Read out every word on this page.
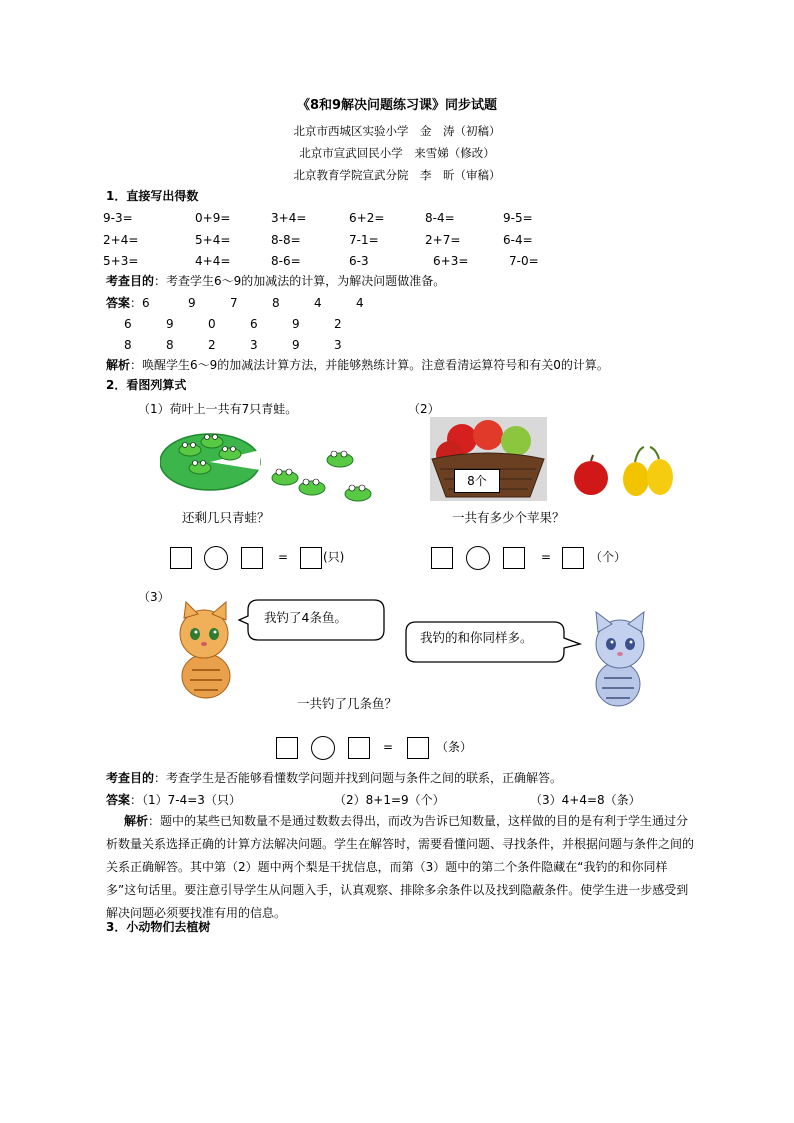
《8和9解决问题练习课》同步试题
北京市西城区实验小学　金　涛（初稿）
北京市宣武回民小学　来雪娣（修改）
北京教育学院宣武分院　李　昕（审稿）
1．直接写出得数
9-3=	0+9=	3+4=	6+2=	8-4=	9-5=
2+4=	5+4=	8-8=	7-1=	2+7=	6-4=
5+3=	4+4=	8-6=	6-3	6+3=	7-0=
考查目的：考查学生6～9的加减法的计算，为解决问题做准备。
答案：6	9	7	8	4	4
6	9	0	6	9	2
8	8	2	3	9	3
解析：唤醒学生6～9的加减法计算方法，并能够熟练计算。注意看清运算符号和有关0的计算。
2．看图列算式
（1）荷叶上一共有7只青蛙。
还剩几只青蛙？
=	(只)
（2）
8个
一共有多少个苹果？
=	（个）
（3）
我钓了4条鱼。
我钓的和你同样多。
一共钓了几条鱼？
=	（条）
考查目的：考查学生是否能够看懂数学问题并找到问题与条件之间的联系，正确解答。
答案：（1）7-4=3（只）	（2）8+1=9（个）	（3）4+4=8（条）
解析：题中的某些已知数量不是通过数数去得出，而改为告诉已知数量，这样做的目的是有利于学生通过分析数量关系选择正确的计算方法解决问题。学生在解答时，需要看懂问题、寻找条件，并根据问题与条件之间的关系正确解答。其中第（2）题中两个梨是干扰信息，而第（3）题中的第二个条件隐藏在“我钓的和你同样多”这句话里。要注意引导学生从问题入手，认真观察、排除多余条件以及找到隐蔽条件。使学生进一步感受到解决问题必须要找准有用的信息。
3．小动物们去植树
